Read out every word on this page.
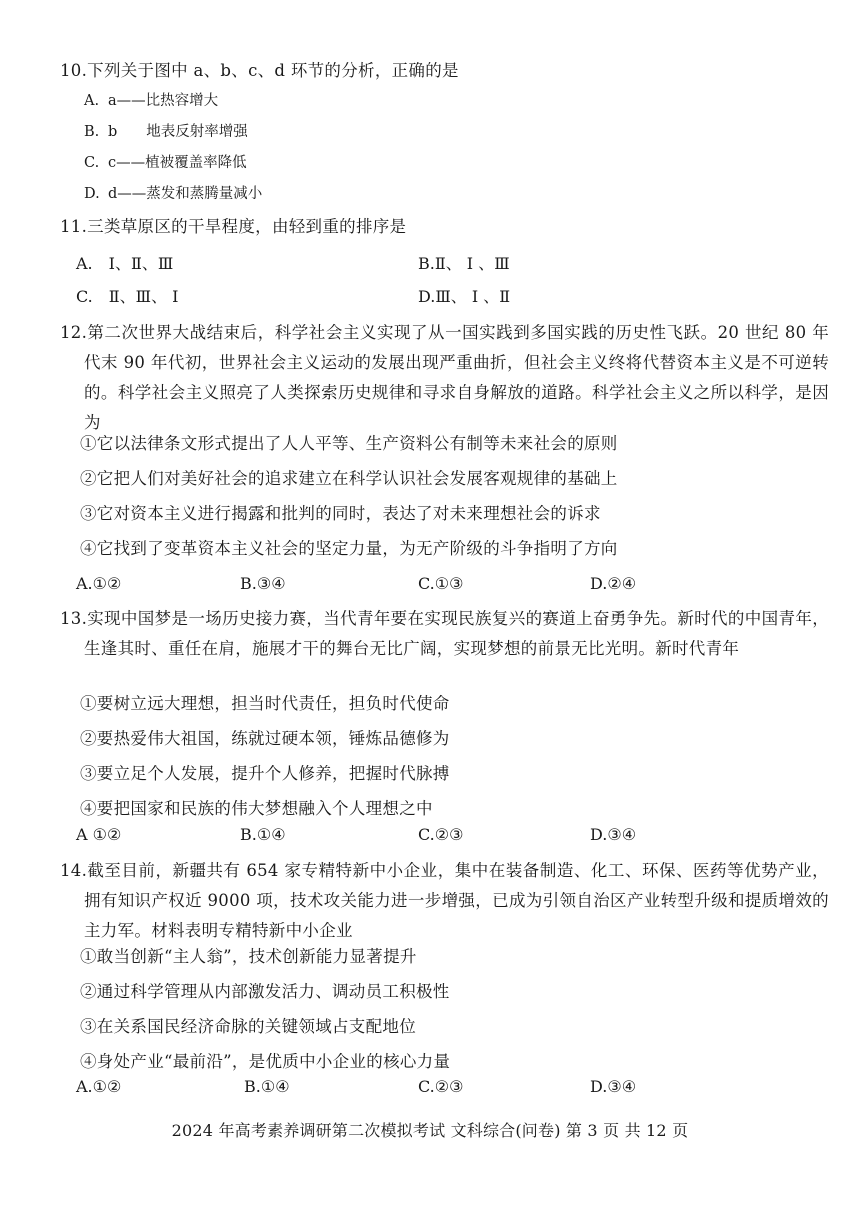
10.下列关于图中 a、b、c、d 环节的分析，正确的是
A. a——比热容增大
B. b　　地表反射率增强
C. c——植被覆盖率降低
D. d——蒸发和蒸腾量减小
11.三类草原区的干旱程度，由轻到重的排序是
A.　Ⅰ、Ⅱ、Ⅲ	B.Ⅱ、 Ⅰ 、Ⅲ
C.　Ⅱ、Ⅲ、 Ⅰ	D.Ⅲ、 Ⅰ 、Ⅱ
12.第二次世界大战结束后，科学社会主义实现了从一国实践到多国实践的历史性飞跃。20 世纪 80 年代末 90 年代初，世界社会主义运动的发展出现严重曲折，但社会主义终将代替资本主义是不可逆转的。科学社会主义照亮了人类探索历史规律和寻求自身解放的道路。科学社会主义之所以科学，是因为
①它以法律条文形式提出了人人平等、生产资料公有制等未来社会的原则
②它把人们对美好社会的追求建立在科学认识社会发展客观规律的基础上
③它对资本主义进行揭露和批判的同时，表达了对未来理想社会的诉求
④它找到了变革资本主义社会的坚定力量，为无产阶级的斗争指明了方向
A.①②	B.③④	C.①③	D.②④
13.实现中国梦是一场历史接力赛，当代青年要在实现民族复兴的赛道上奋勇争先。新时代的中国青年，生逢其时、重任在肩，施展才干的舞台无比广阔，实现梦想的前景无比光明。新时代青年
①要树立远大理想，担当时代责任，担负时代使命
②要热爱伟大祖国，练就过硬本领，锤炼品德修为
③要立足个人发展，提升个人修养，把握时代脉搏
④要把国家和民族的伟大梦想融入个人理想之中
A ①②	B.①④	C.②③	D.③④
14.截至目前，新疆共有 654 家专精特新中小企业，集中在装备制造、化工、环保、医药等优势产业，拥有知识产权近 9000 项，技术攻关能力进一步增强，已成为引领自治区产业转型升级和提质增效的主力军。材料表明专精特新中小企业
①敢当创新“主人翁”，技术创新能力显著提升
②通过科学管理从内部激发活力、调动员工积极性
③在关系国民经济命脉的关键领域占支配地位
④身处产业“最前沿”，是优质中小企业的核心力量
A.①②	B.①④	C.②③	D.③④
2024 年高考素养调研第二次模拟考试 文科综合(问卷) 第 3 页 共 12 页
